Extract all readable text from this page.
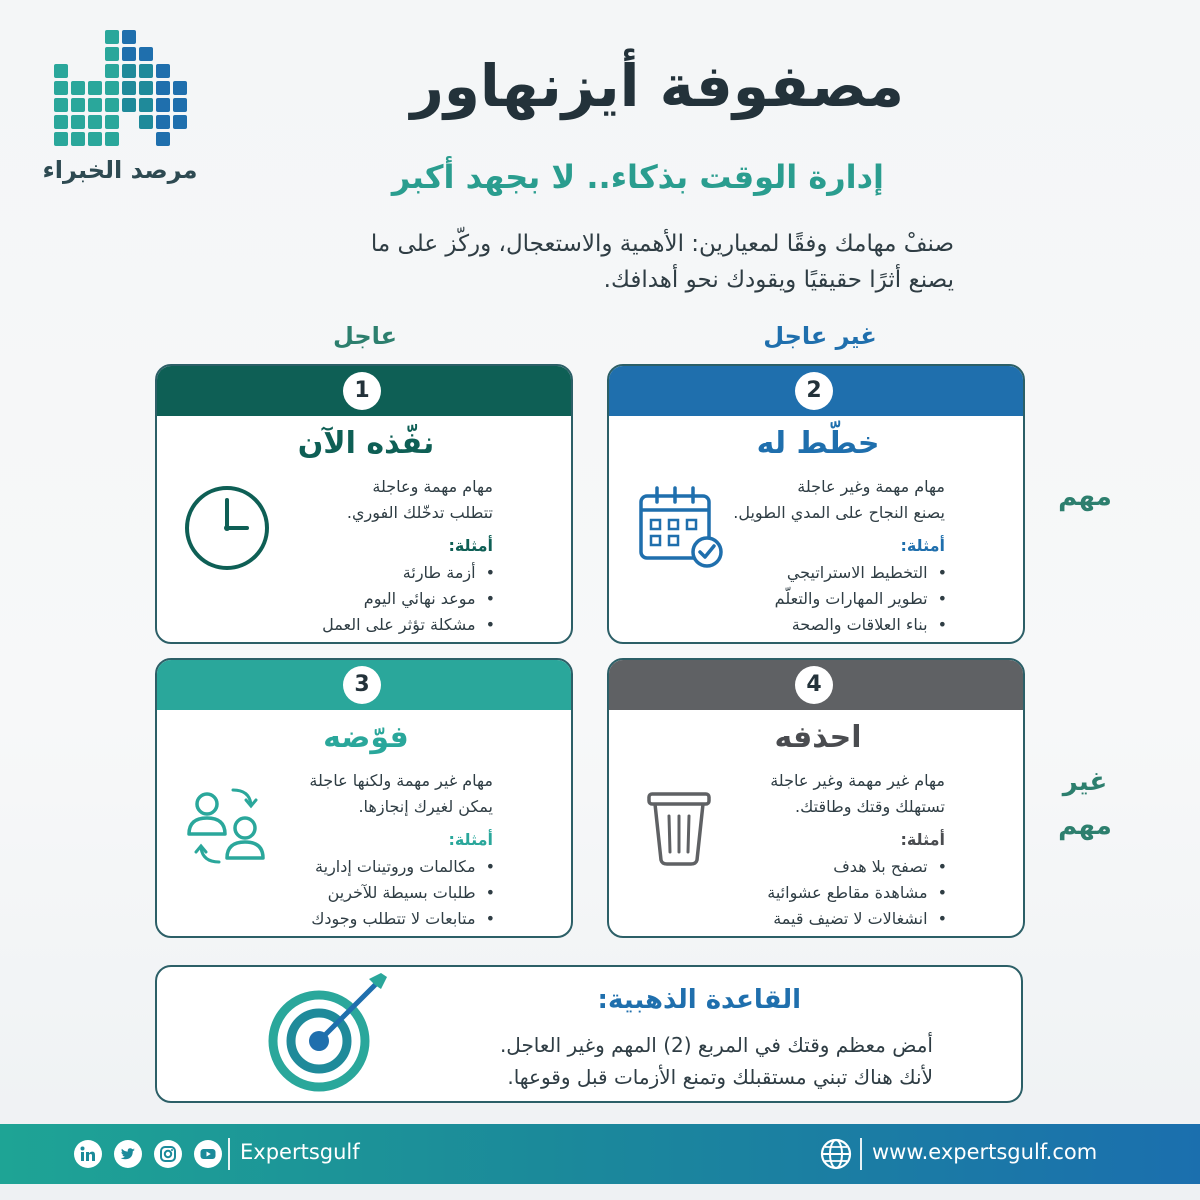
مرصد الخبراء
مصفوفة أيزنهاور
إدارة الوقت بذكاء.. لا بجهد أكبر
صنفْ مهامك وفقًا لمعيارين: الأهمية والاستعجال، وركّز على ما
يصنع أثرًا حقيقيًا ويقودك نحو أهدافك.
عاجل	غير عاجل
مهم
غير
مهم
1
نفّذه الآن
مهام مهمة وعاجلة
تتطلب تدخّلك الفوري.
أمثلة:
• أزمة طارئة
• موعد نهائي اليوم
• مشكلة تؤثر على العمل
2
خطّط له
مهام مهمة وغير عاجلة
يصنع النجاح على المدي الطويل.
أمثلة:
• التخطيط الاستراتيجي
• تطوير المهارات والتعلّم
• بناء العلاقات والصحة
3
فوّضه
مهام غير مهمة ولكنها عاجلة
يمكن لغيرك إنجازها.
أمثلة:
• مكالمات وروتينات إدارية
• طلبات بسيطة للآخرين
• متابعات لا تتطلب وجودك
4
احذفه
مهام غير مهمة وغير عاجلة
تستهلك وقتك وطاقتك.
أمثلة:
• تصفح بلا هدف
• مشاهدة مقاطع عشوائية
• انشغالات لا تضيف قيمة
القاعدة الذهبية:
أمض معظم وقتك في المربع (2) المهم وغير العاجل.
لأنك هناك تبني مستقبلك وتمنع الأزمات قبل وقوعها.
Expertsgulf	www.expertsgulf.com
